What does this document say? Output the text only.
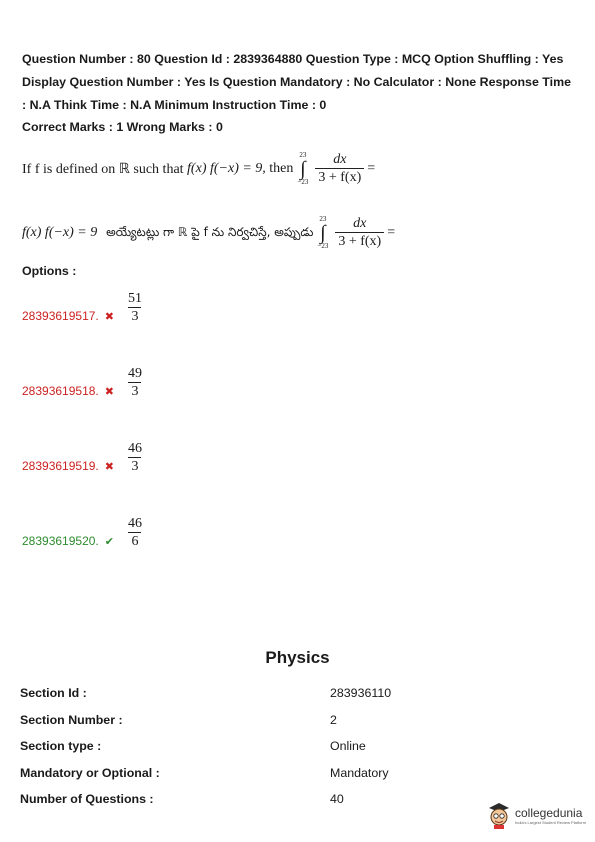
Question Number : 80 Question Id : 2839364880 Question Type : MCQ Option Shuffling : Yes
Display Question Number : Yes Is Question Mandatory : No Calculator : None Response Time
: N.A Think Time : N.A Minimum Instruction Time : 0
Correct Marks : 1 Wrong Marks : 0
If f is defined on ℝ such that
f(x) f(−x) = 9,
then
23
∫
$-23 \frac{dx}{3 + f(x)}$ =
f(x) f(−x) = 9
అయ్యేటట్లు గా ℝ పై f ను నిర్వచిస్తే, అప్పుడు
23
∫
$-23 \frac{dx}{3 + f(x)}$ =
Options :
28393619517. ✖ $\frac{51}{3}$
28393619518. ✖ $\frac{49}{3}$
28393619519. ✖ $\frac{46}{3}$
28393619520. ✔ $\frac{46}{6}$
Physics
Section Id :	283936110
Section Number :	2
Section type :	Online
Mandatory or Optional :	Mandatory
Number of Questions :	40
collegedunia
India's Largest Student Review Platform
